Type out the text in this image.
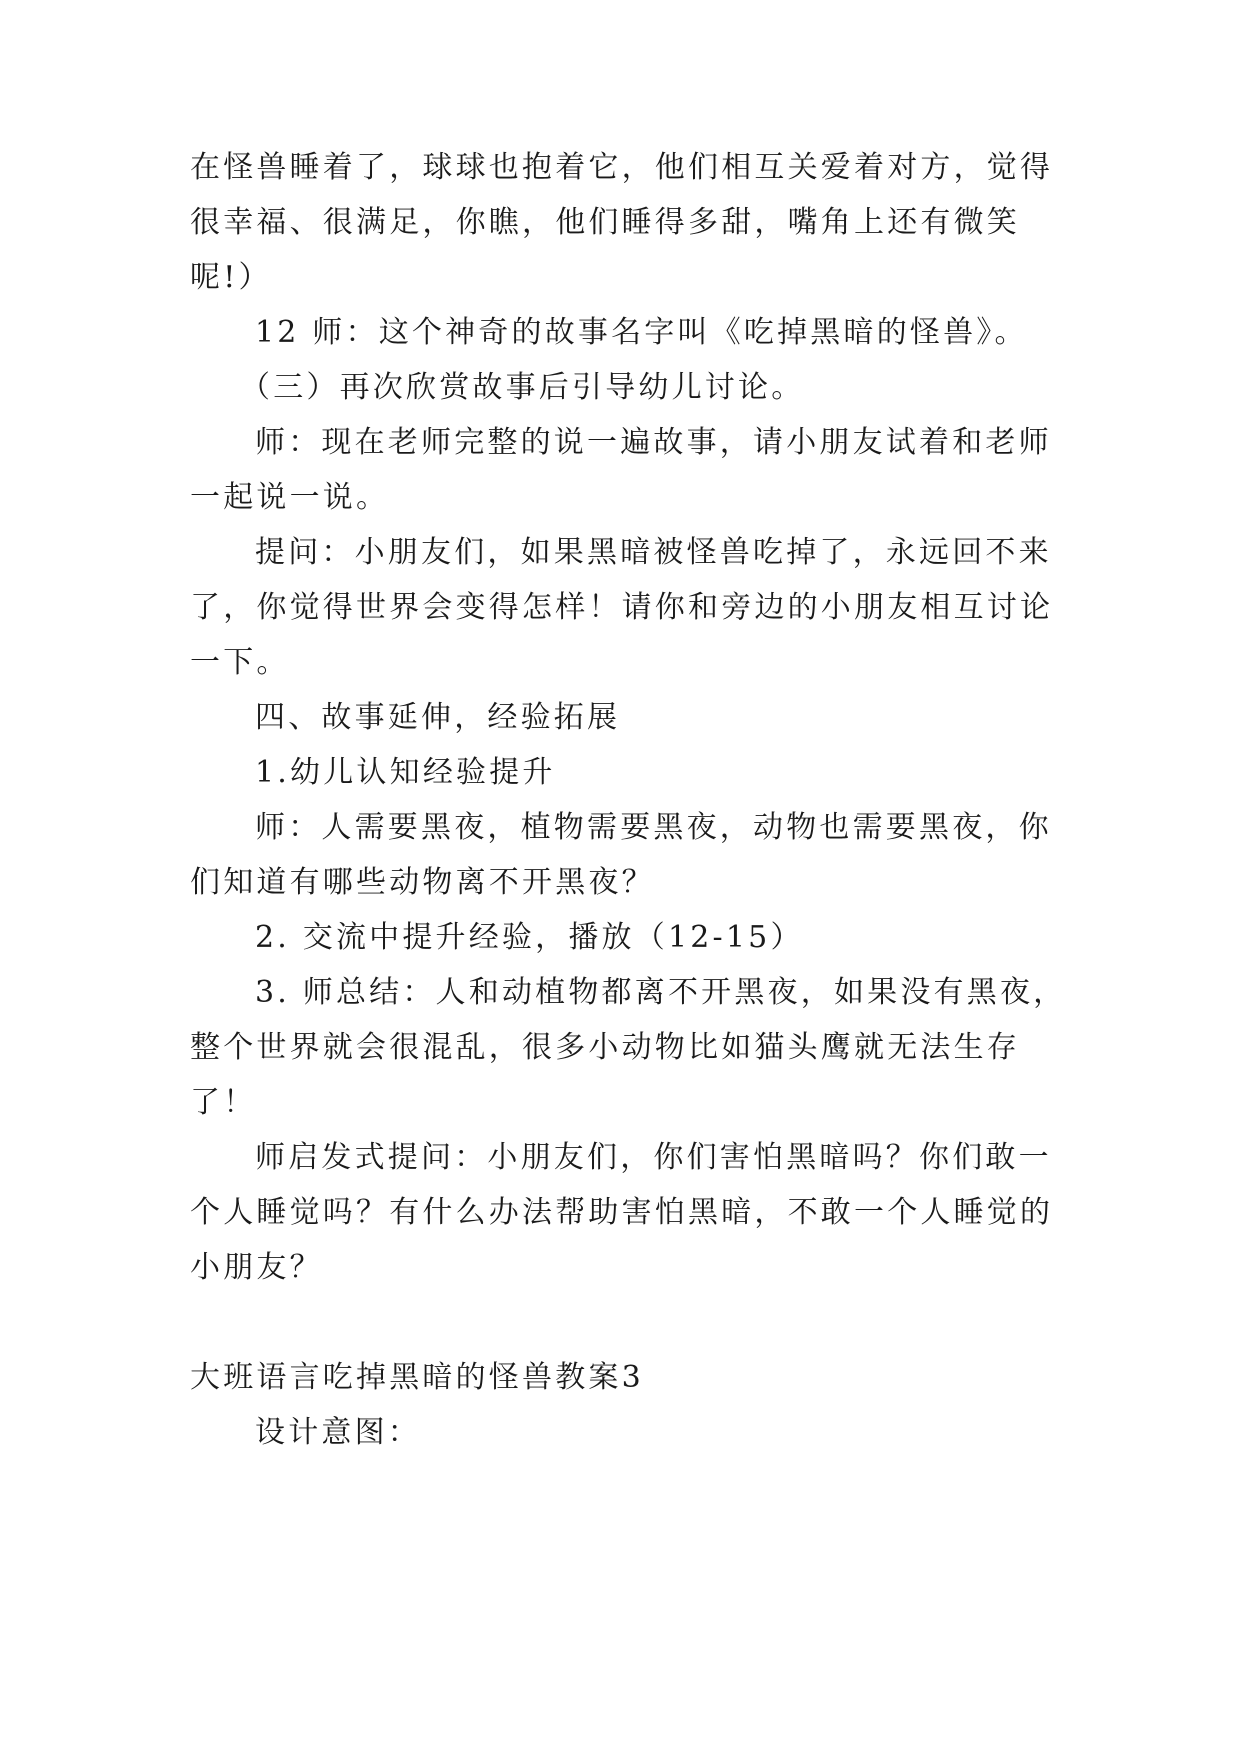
在怪兽睡着了，球球也抱着它，他们相互关爱着对方，觉得
很幸福、很满足，你瞧，他们睡得多甜，嘴角上还有微笑
呢!）
12 师：这个神奇的故事名字叫《吃掉黑暗的怪兽》。
（三）再次欣赏故事后引导幼儿讨论。
师：现在老师完整的说一遍故事，请小朋友试着和老师
一起说一说。
提问：小朋友们，如果黑暗被怪兽吃掉了，永远回不来
了，你觉得世界会变得怎样！请你和旁边的小朋友相互讨论
一下。
四、故事延伸，经验拓展
1.幼儿认知经验提升
师：人需要黑夜，植物需要黑夜，动物也需要黑夜，你
们知道有哪些动物离不开黑夜？
2. 交流中提升经验，播放（12-15）
3. 师总结：人和动植物都离不开黑夜，如果没有黑夜，
整个世界就会很混乱，很多小动物比如猫头鹰就无法生存
了！
师启发式提问：小朋友们，你们害怕黑暗吗？你们敢一
个人睡觉吗？有什么办法帮助害怕黑暗，不敢一个人睡觉的
小朋友？
大班语言吃掉黑暗的怪兽教案3
设计意图：
